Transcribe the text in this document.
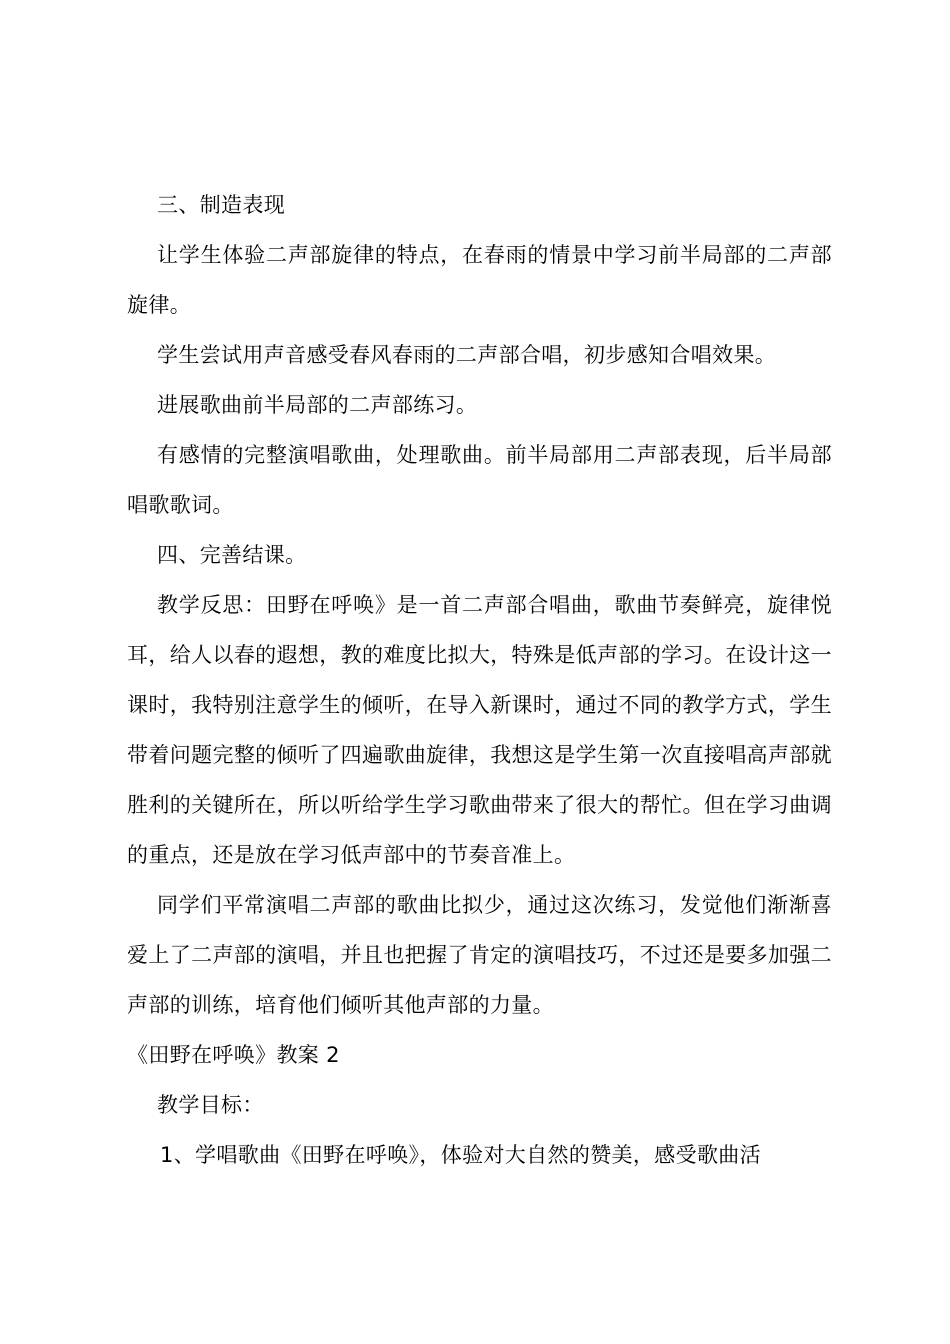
三、制造表现

让学生体验二声部旋律的特点，在春雨的情景中学习前半局部的二声部旋律。

学生尝试用声音感受春风春雨的二声部合唱，初步感知合唱效果。

进展歌曲前半局部的二声部练习。

有感情的完整演唱歌曲，处理歌曲。前半局部用二声部表现，后半局部唱歌歌词。

四、完善结课。

教学反思：田野在呼唤》是一首二声部合唱曲，歌曲节奏鲜亮，旋律悦耳，给人以春的遐想，教的难度比拟大，特殊是低声部的学习。在设计这一课时，我特别注意学生的倾听，在导入新课时，通过不同的教学方式，学生带着问题完整的倾听了四遍歌曲旋律，我想这是学生第一次直接唱高声部就胜利的关键所在，所以听给学生学习歌曲带来了很大的帮忙。但在学习曲调的重点，还是放在学习低声部中的节奏音准上。

同学们平常演唱二声部的歌曲比拟少，通过这次练习，发觉他们渐渐喜爱上了二声部的演唱，并且也把握了肯定的演唱技巧，不过还是要多加强二声部的训练，培育他们倾听其他声部的力量。

《田野在呼唤》教案 2

教学目标：

1、学唱歌曲《田野在呼唤》，体验对大自然的赞美，感受歌曲活
